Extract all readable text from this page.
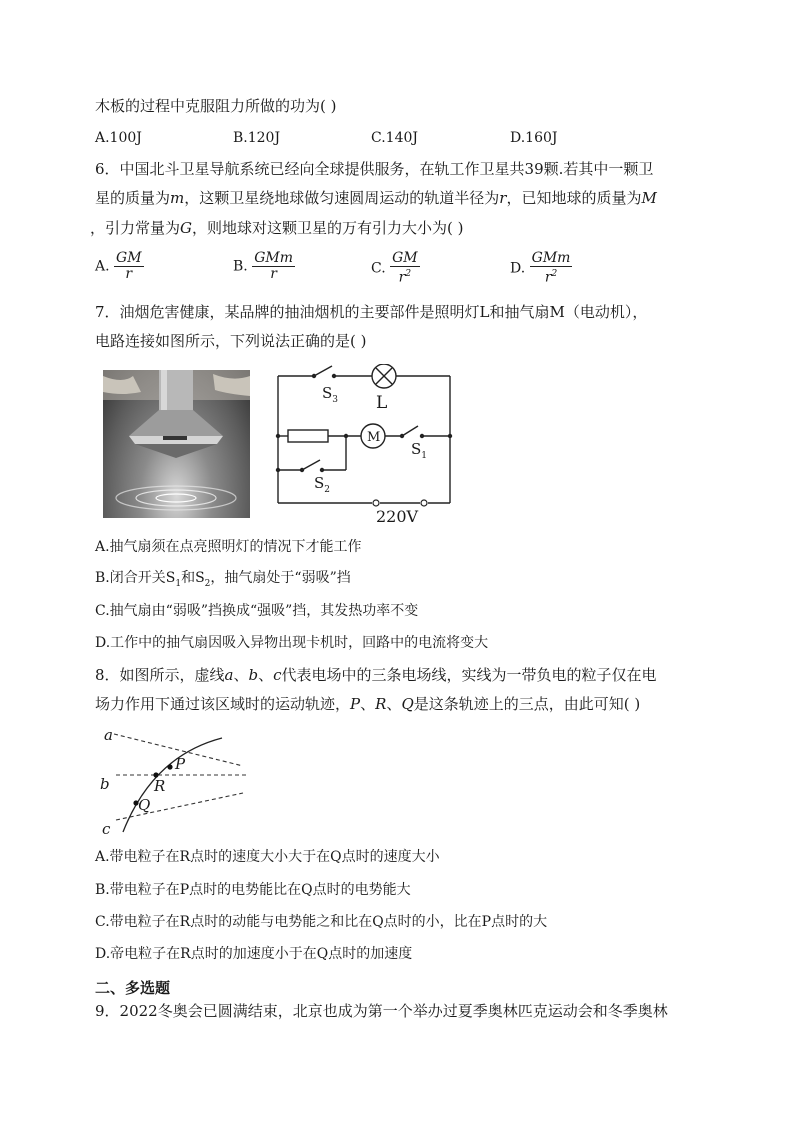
木板的过程中克服阻力所做的功为( )
A.100J	B.120J	C.140J	D.160J
6．中国北斗卫星导航系统已经向全球提供服务，在轨工作卫星共39颗.若其中一颗卫
星的质量为m，这颗卫星绕地球做匀速圆周运动的轨道半径为r，已知地球的质量为M
，引力常量为G，则地球对这颗卫星的万有引力大小为( )
A. $\frac{GM}{r}$	B. $\frac{\text{GMm}}{r}$	C. $\frac{GM}{r^2}$	D. $\frac{\text{GMm}}{r^2}$
7．油烟危害健康，某品牌的抽油烟机的主要部件是照明灯L和抽气扇M（电动机），
电路连接如图所示，下列说法正确的是( )
$S_3$ L
M
$S_1$
$S_2$
220V
A.抽气扇须在点亮照明灯的情况下才能工作
B.闭合开关$S_1$和$S_2$，抽气扇处于“弱吸”挡
C.抽气扇由“弱吸”挡换成“强吸”挡，其发热功率不变
D.工作中的抽气扇因吸入异物出现卡机时，回路中的电流将变大
8．如图所示，虚线a、b、c代表电场中的三条电场线，实线为一带负电的粒子仅在电
场力作用下通过该区域时的运动轨迹，P、R、Q是这条轨迹上的三点，由此可知( )
a
b
c
P
R
Q
A.带电粒子在R点时的速度大小大于在Q点时的速度大小
B.带电粒子在P点时的电势能比在Q点时的电势能大
C.带电粒子在R点时的动能与电势能之和比在Q点时的小，比在P点时的大
D.帝电粒子在R点时的加速度小于在Q点时的加速度
二、多选题
9．2022冬奥会已圆满结束，北京也成为第一个举办过夏季奥林匹克运动会和冬季奥林
